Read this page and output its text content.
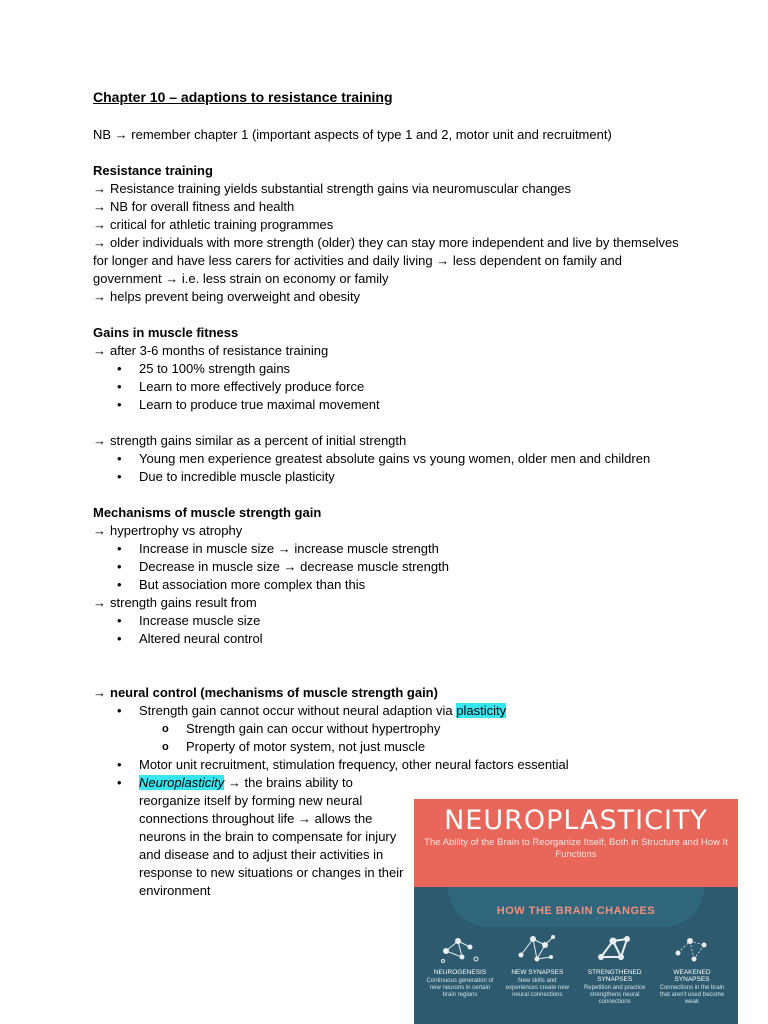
Chapter 10 – adaptions to resistance training
NB → remember chapter 1 (important aspects of type 1 and 2, motor unit and recruitment)
Resistance training
→ Resistance training yields substantial strength gains via neuromuscular changes
→ NB for overall fitness and health
→ critical for athletic training programmes
→ older individuals with more strength (older) they can stay more independent and live by themselves for longer and have less carers for activities and daily living → less dependent on family and government → i.e. less strain on economy or family
→ helps prevent being overweight and obesity
Gains in muscle fitness
→ after 3-6 months of resistance training
• 25 to 100% strength gains
• Learn to more effectively produce force
• Learn to produce true maximal movement
→ strength gains similar as a percent of initial strength
• Young men experience greatest absolute gains vs young women, older men and children
• Due to incredible muscle plasticity
Mechanisms of muscle strength gain
→ hypertrophy vs atrophy
• Increase in muscle size → increase muscle strength
• Decrease in muscle size → decrease muscle strength
• But association more complex than this
→ strength gains result from
• Increase muscle size
• Altered neural control
→ neural control (mechanisms of muscle strength gain)
• Strength gain cannot occur without neural adaption via plasticity
o Strength gain can occur without hypertrophy
o Property of motor system, not just muscle
• Motor unit recruitment, stimulation frequency, other neural factors essential
• Neuroplasticity → the brains ability to reorganize itself by forming new neural connections throughout life → allows the neurons in the brain to compensate for injury and disease and to adjust their activities in response to new situations or changes in their environment
NEUROPLASTICITY
The Ability of the Brain to Reorganize Itself, Both in Structure and How It Functions
HOW THE BRAIN CHANGES
NEUROGENESIS
Continuous generation of new neurons in certain brain regions
NEW SYNAPSES
New skills and experiences create new neural connections
STRENGTHENED SYNAPSES
Repetition and practice strengthens neural connections
WEAKENED SYNAPSES
Connections in the brain that aren't used become weak
